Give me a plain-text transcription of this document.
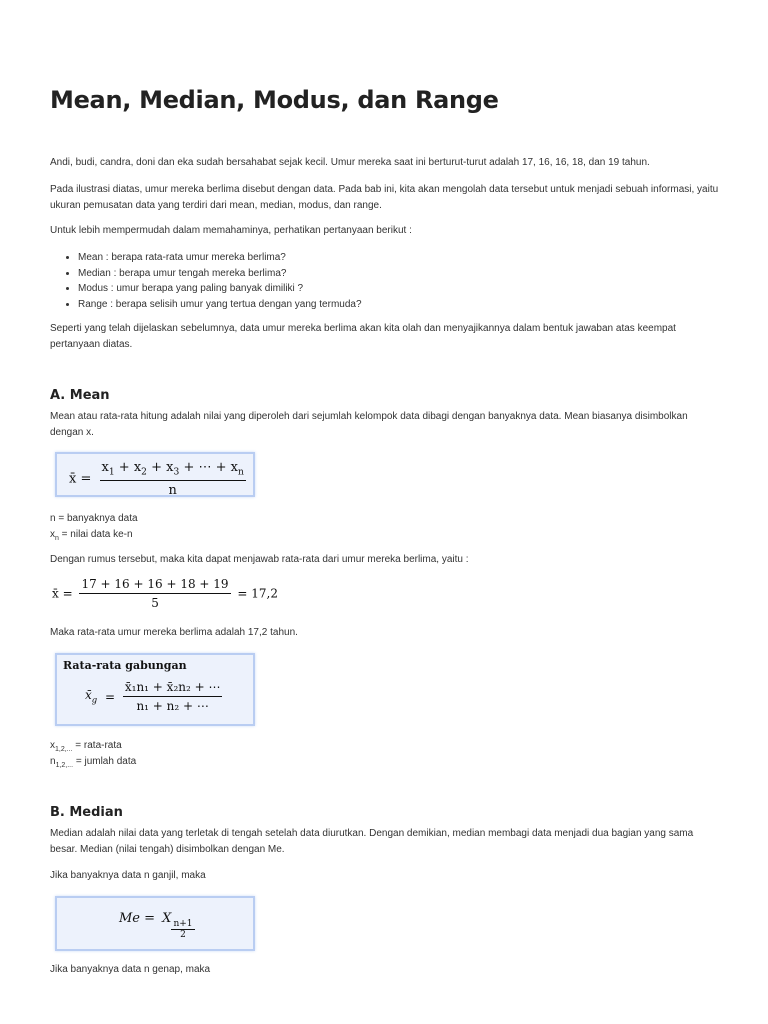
Mean, Median, Modus, dan Range

Andi, budi, candra, doni dan eka sudah bersahabat sejak kecil. Umur mereka saat ini berturut-turut adalah 17, 16, 16, 18, dan 19 tahun.

Pada ilustrasi diatas, umur mereka berlima disebut dengan data. Pada bab ini, kita akan mengolah data tersebut untuk menjadi sebuah informasi, yaitu ukuran pemusatan data yang terdiri dari mean, median, modus, dan range.

Untuk lebih mempermudah dalam memahaminya, perhatikan pertanyaan berikut :

• Mean : berapa rata-rata umur mereka berlima?
• Median : berapa umur tengah mereka berlima?
• Modus : umur berapa yang paling banyak dimiliki ?
• Range : berapa selisih umur yang tertua dengan yang termuda?

Seperti yang telah dijelaskan sebelumnya, data umur mereka berlima akan kita olah dan menyajikannya dalam bentuk jawaban atas keempat pertanyaan diatas.

A. Mean

Mean atau rata-rata hitung adalah nilai yang diperoleh dari sejumlah kelompok data dibagi dengan banyaknya data. Mean biasanya disimbolkan dengan x.

x̄ =
$x_1 + x_2 + x_3$ + ⋯ + $x_n$
n
n = banyaknya data
$x_n$ = nilai data ke-n

Dengan rumus tersebut, maka kita dapat menjawab rata-rata dari umur mereka berlima, yaitu :

x̄ = $\frac{17 + 16 + 16 + 18 + 19}{5} = 17,2$

Maka rata-rata umur mereka berlima adalah 17,2 tahun.

Rata-rata gabungan
$x̄_g = \frac{\text{x̄₁n₁ + x̄₂n₂ + ⋯}}{\text{n₁ + n₂ + ⋯}}$
$x_{1,2,...}$ = rata-rata
$n_{1,2,...}$ = jumlah data
B. Median

Median adalah nilai data yang terletak di tengah setelah data diurutkan. Dengan demikian, median membagi data menjadi dua bagian yang sama besar. Median (nilai tengah) disimbolkan dengan Me.

Jika banyaknya data n ganjil, maka

Me = X
$\frac{n+1}{2}$

Jika banyaknya data n genap, maka
